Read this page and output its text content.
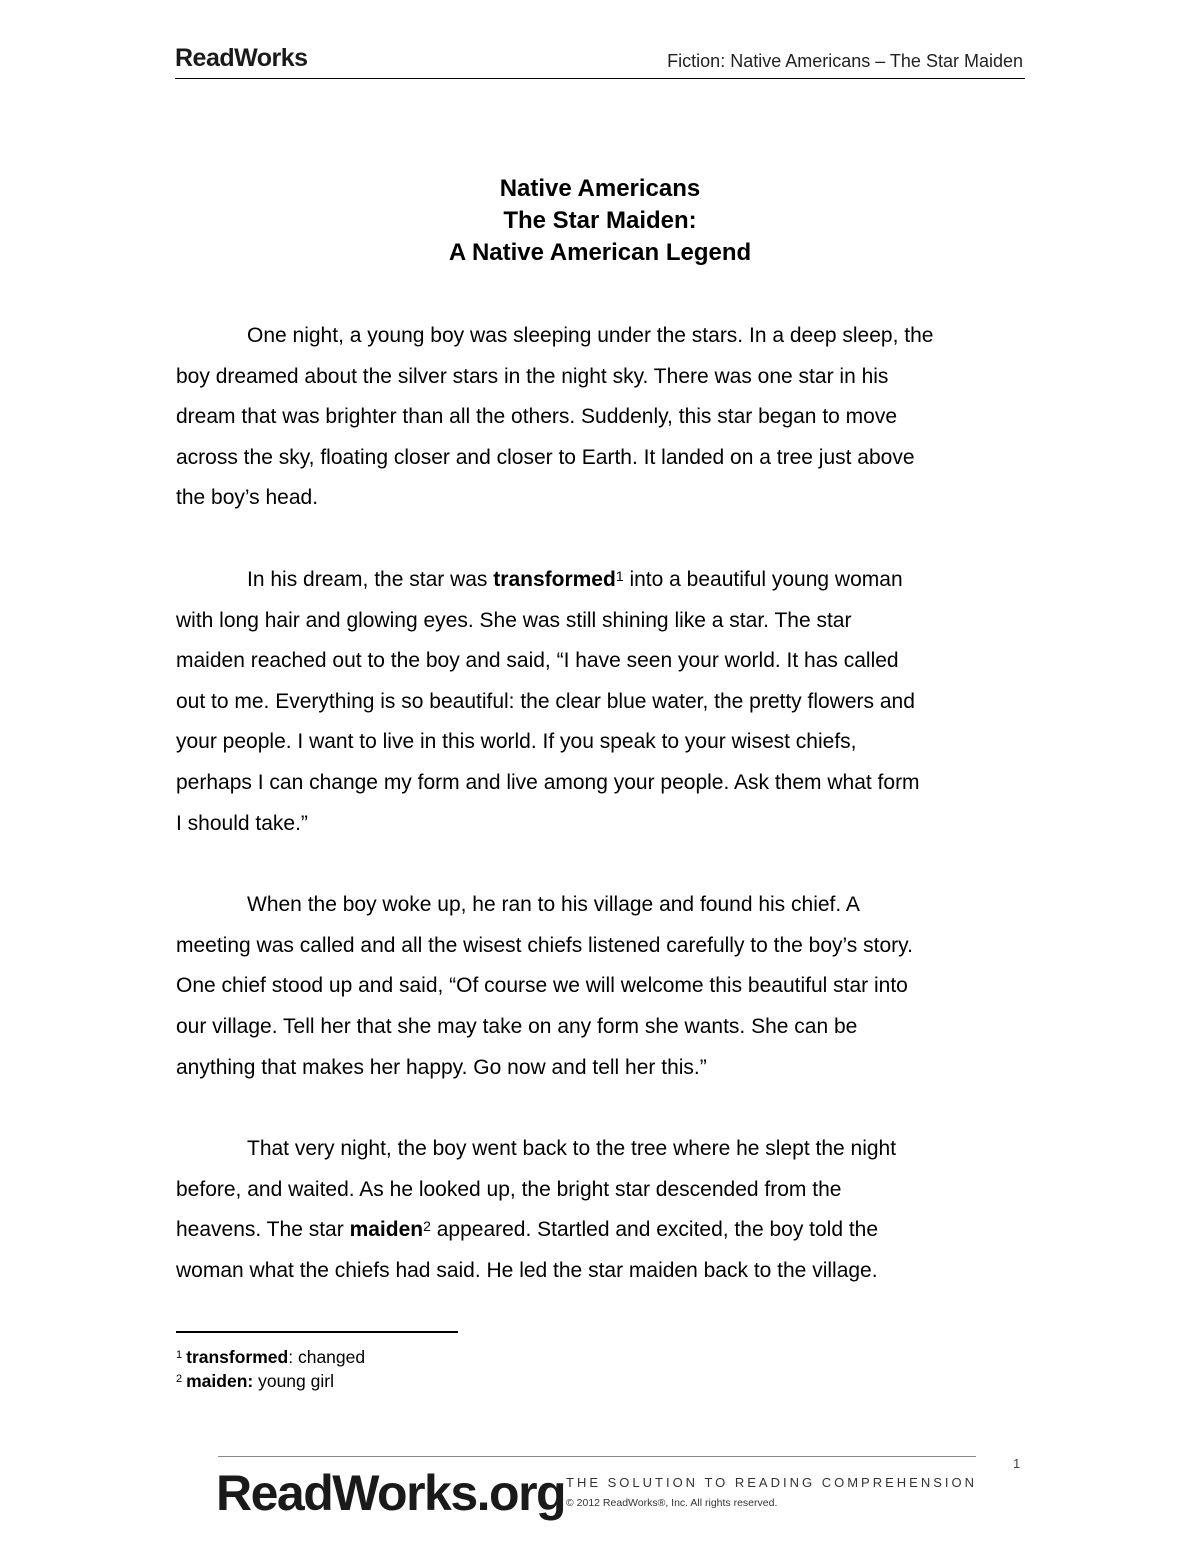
ReadWorks	Fiction: Native Americans – The Star Maiden
Native Americans
The Star Maiden:
A Native American Legend

One night, a young boy was sleeping under the stars. In a deep sleep, the
boy dreamed about the silver stars in the night sky. There was one star in his
dream that was brighter than all the others. Suddenly, this star began to move
across the sky, floating closer and closer to Earth. It landed on a tree just above
the boy’s head.

In his dream, the star was transformed$^1$ into a beautiful young woman
with long hair and glowing eyes. She was still shining like a star. The star
maiden reached out to the boy and said, “I have seen your world. It has called
out to me. Everything is so beautiful: the clear blue water, the pretty flowers and
your people. I want to live in this world. If you speak to your wisest chiefs,
perhaps I can change my form and live among your people. Ask them what form
I should take.”

When the boy woke up, he ran to his village and found his chief. A
meeting was called and all the wisest chiefs listened carefully to the boy’s story.
One chief stood up and said, “Of course we will welcome this beautiful star into
our village. Tell her that she may take on any form she wants. She can be
anything that makes her happy. Go now and tell her this.”

That very night, the boy went back to the tree where he slept the night
before, and waited. As he looked up, the bright star descended from the
heavens. The star maiden$^2$ appeared. Startled and excited, the boy told the
woman what the chiefs had said. He led the star maiden back to the village.

$^1$ transformed: changed
$^2$ maiden: young girl
1
ReadWorks.org THE SOLUTION TO READING COMPREHENSION
© 2012 ReadWorks®, Inc. All rights reserved.
